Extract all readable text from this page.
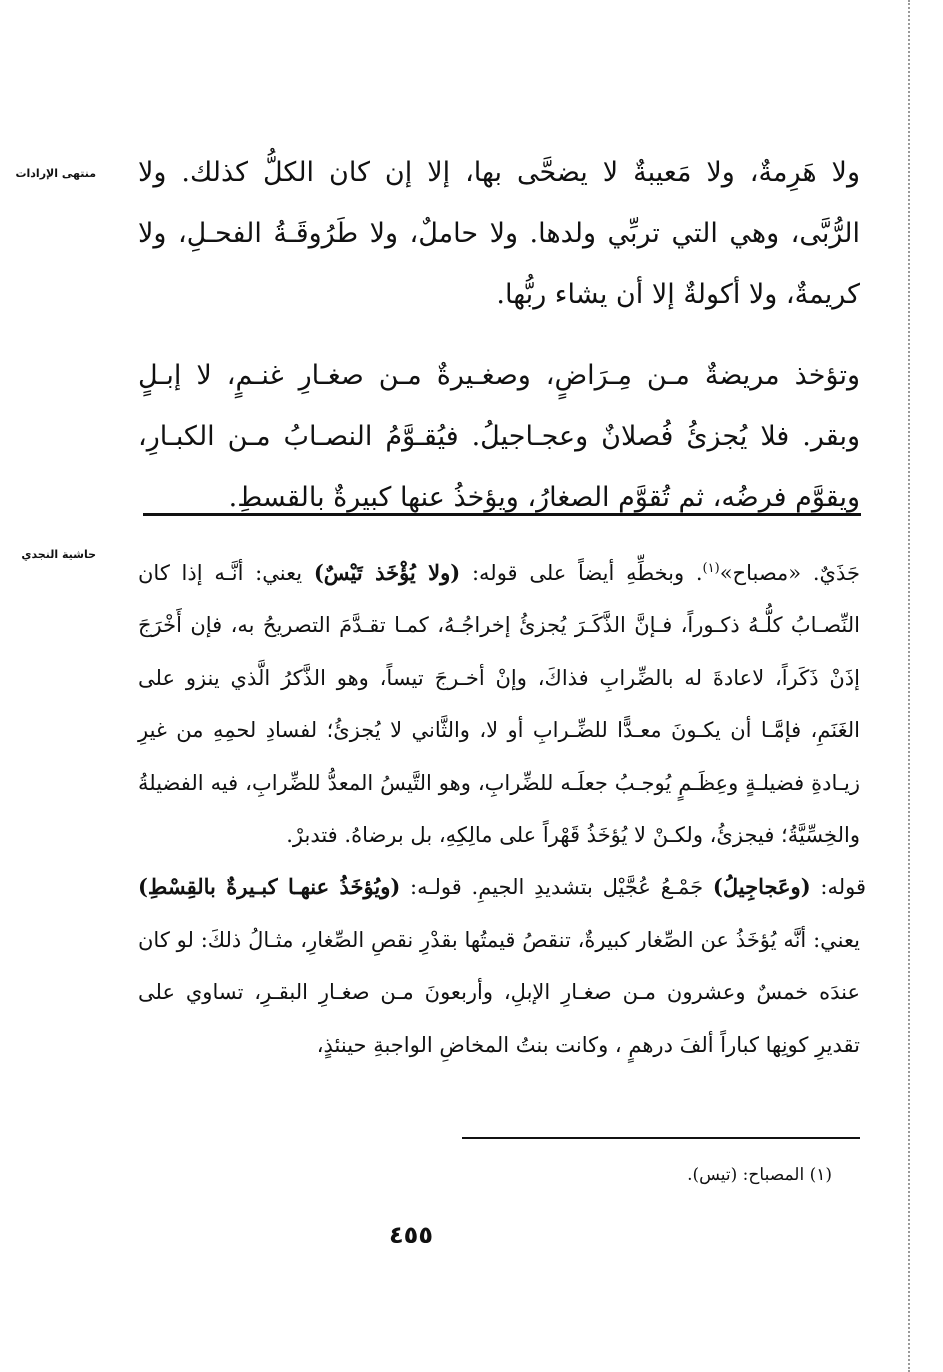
منتهى الإرادات ولا هَرِمةٌ، ولا مَعيبةٌ لا يضحَّى بها، إلا إن كان الكلُّ كذلك. ولا الرُّبَّى، وهي التي تربِّي ولدها. ولا حاملٌ، ولا طَرُوقَـةُ الفحـلِ، ولا كريمةٌ، ولا أكولةٌ إلا أن يشاء ربُّها.

وتؤخذ مريضةٌ مـن مِـرَاضٍ، وصغـيرةٌ مـن صغـارِ غنـمٍ، لا إبـلٍ وبقر. فلا يُجزئُ فُصلانٌ وعجـاجيلُ. فيُقـوَّمُ النصـابُ مـن الكبـارِ، ويقوَّم فرضُه، ثم تُقوَّم الصغارُ، ويؤخذُ عنها كبيرةٌ بالقسطِ.

حاشية النجدي

جَذَيٌ. «مصباح»$^{(١)}$. وبخطِّهِ أيضاً على قوله: (ولا يُؤْخَذ تَيْسٌ) يعني: أنَّـه إذا كان النِّصـابُ كلُّـهُ ذكـوراً، فـإنَّ الذَّكَـرَ يُجزئُ إخراجُـهُ، كمـا تقـدَّمَ التصريحُ به، فإن أَخْرَجَ إذَنْ ذَكَراً، لاعادةَ له بالضِّرابِ فذاكَ، وإنْ أخـرجَ تيساً، وهو الذَّكرُ الَّذي ينزو على الغَنَمِ، فإمَّـا أن يكـونَ معـدًّا للضِّـرابِ أو لا، والثَّاني لا يُجزئُ؛ لفسادِ لحمِهِ من غيرِ زيـادةِ فضيلـةٍ وعِظَـمٍ يُوجـبُ جعلَـه للضِّرابِ، وهو التَّيسُ المعدُّ للضِّرابِ، فيه الفضيلةُ والخِسِّيَّةُ؛ فيجزئُ، ولكـنْ لا يُؤخَذُ قَهْراً على مالِكِهِ، بل برضاهُ. فتدبرْ.

قوله: (وعَجاجِيلُ) جَمْـعُ عُجَّيْل بتشديدِ الجيمِ. قولـه: (ويُؤخَذُ عنهـا كبـيرةٌ بالقِسْطِ) يعني: أنَّه يُؤخَذُ عن الصِّغار كبيرةٌ، تنقصُ قيمتُها بقدْرِ نقصِ الصِّغارِ، مثـالُ ذلكَ: لو كان عندَه خمسٌ وعشرون مـن صغـارِ الإبلِ، وأربعونَ مـن صغـارِ البقـرِ، تساوي على تقديرِ كونِها كباراً ألفَ درهمٍ ، وكانت بنتُ المخاضِ الواجبةِ حينئذٍ،

(١) المصباح: (تيس).
٤٥٥
